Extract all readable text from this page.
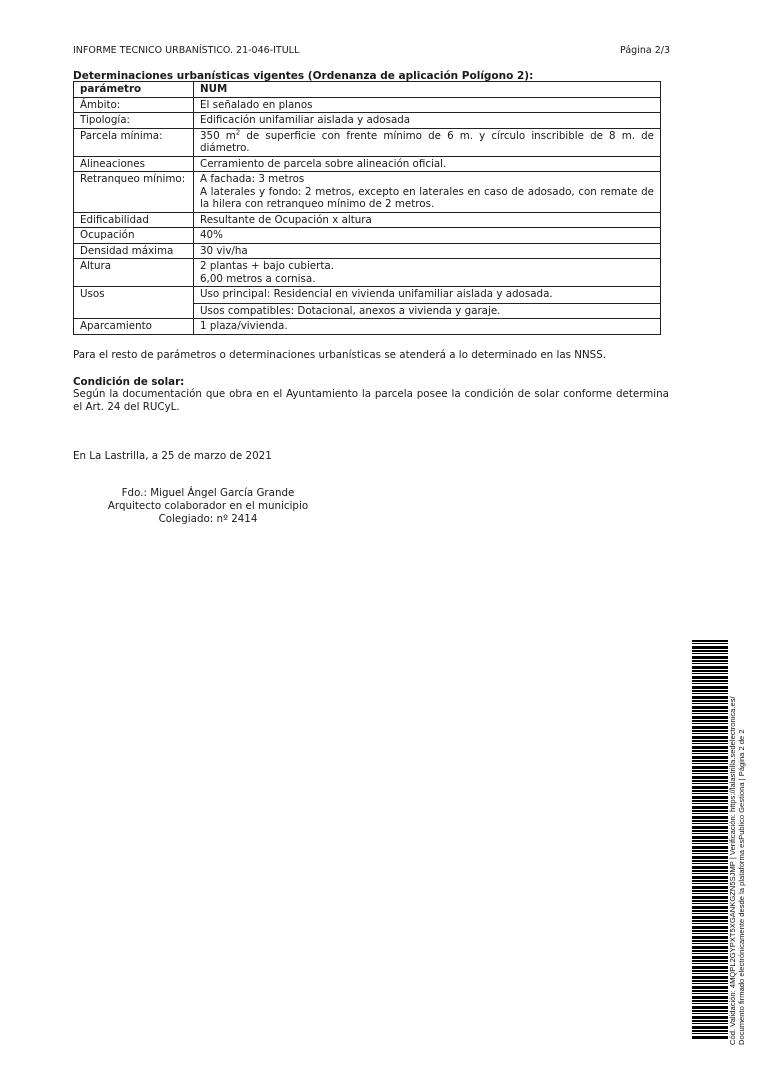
INFORME TECNICO URBANÍSTICO. 21-046-ITULL	Página 2/3
Determinaciones urbanísticas vigentes (Ordenanza de aplicación Polígono 2):
parámetro	NUM
Ámbito:	El señalado en planos
Tipología:	Edificación unifamiliar aislada y adosada
Parcela mínima:	350 $m^2$ de superficie con frente mínimo de 6 m. y círculo inscribible de 8 m. de diámetro.
Alineaciones	Cerramiento de parcela sobre alineación oficial.
Retranqueo mínimo:	A fachada: 3 metros
A laterales y fondo: 2 metros, excepto en laterales en caso de adosado, con remate de la hilera con retranqueo mínimo de 2 metros.

Edificabilidad	Resultante de Ocupación x altura
Ocupación	40%
Densidad máxima	30 viv/ha
Altura	2 plantas + bajo cubierta.
6,00 metros a cornisa.

Usos	Uso principal: Residencial en vivienda unifamiliar aislada y adosada.
Usos compatibles: Dotacional, anexos a vivienda y garaje.

Aparcamiento	1 plaza/vivienda.
Para el resto de parámetros o determinaciones urbanísticas se atenderá a lo determinado en las NNSS.
Condición de solar:
Según la documentación que obra en el Ayuntamiento la parcela posee la condición de solar conforme determina el Art. 24 del RUCyL.
En La Lastrilla, a 25 de marzo de 2021
Fdo.: Miguel Ángel García Grande
Arquitecto colaborador en el municipio
Colegiado: nº 2414
Cód. Validación: 4MQPL2GYPXT5XGANKGZN5SJMP | Verificación: https://lalastrilla.sedelectronica.es/ Documento firmado electrónicamente desde la plataforma esPublico Gestiona | Página 2 de 2
